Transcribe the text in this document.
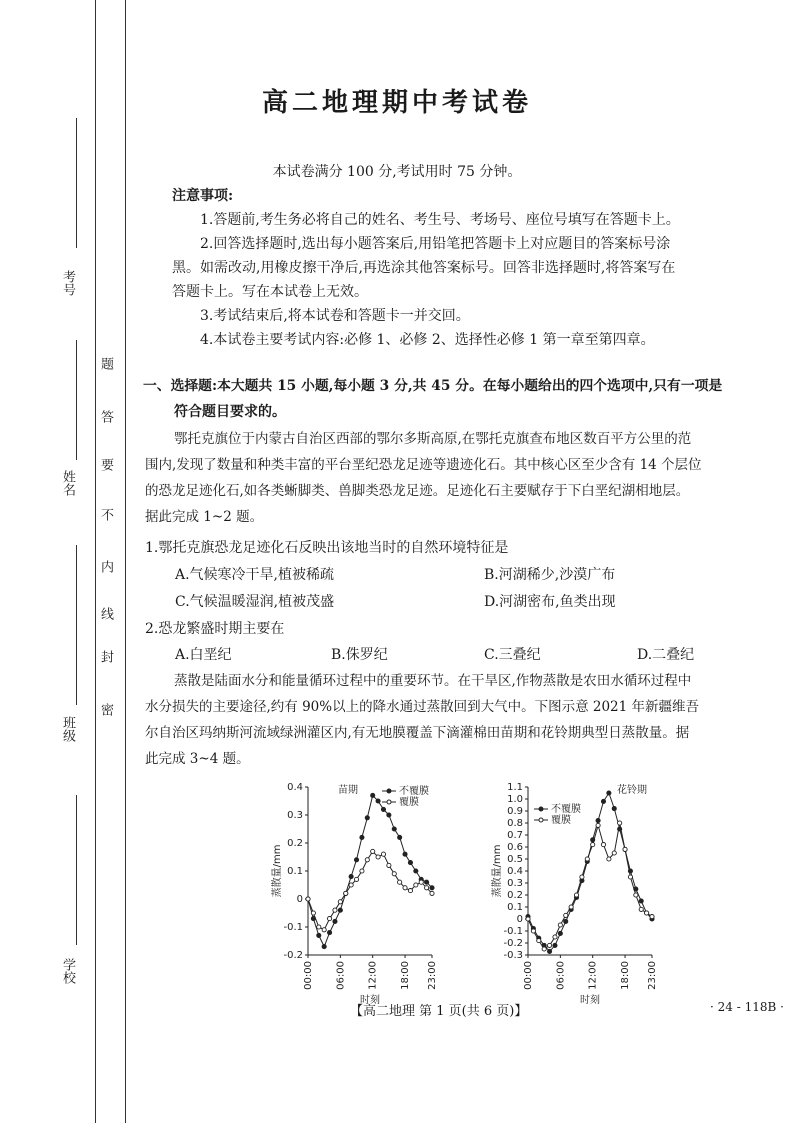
考号
姓名
班级
学校
密
封
线
内
不
要
答
题
高二地理期中考试卷
本试卷满分 100 分,考试用时 75 分钟。
注意事项:
1.答题前,考生务必将自己的姓名、考生号、考场号、座位号填写在答题卡上。
2.回答选择题时,选出每小题答案后,用铅笔把答题卡上对应题目的答案标号涂
黑。如需改动,用橡皮擦干净后,再选涂其他答案标号。回答非选择题时,将答案写在
答题卡上。写在本试卷上无效。
3.考试结束后,将本试卷和答题卡一并交回。
4.本试卷主要考试内容:必修 1、必修 2、选择性必修 1 第一章至第四章。
一、选择题:本大题共 15 小题,每小题 3 分,共 45 分。在每小题给出的四个选项中,只有一项是
符合题目要求的。
鄂托克旗位于内蒙古自治区西部的鄂尔多斯高原,在鄂托克旗查布地区数百平方公里的范
围内,发现了数量和种类丰富的平台垩纪恐龙足迹等遗迹化石。其中核心区至少含有 14 个层位
的恐龙足迹化石,如各类蜥脚类、兽脚类恐龙足迹。足迹化石主要赋存于下白垩纪湖相地层。
据此完成 1~2 题。
1.鄂托克旗恐龙足迹化石反映出该地当时的自然环境特征是
A.气候寒冷干旱,植被稀疏	B.河湖稀少,沙漠广布
C.气候温暖湿润,植被茂盛	D.河湖密布,鱼类出现
2.恐龙繁盛时期主要在
A.白垩纪	B.侏罗纪	C.三叠纪	D.二叠纪
蒸散是陆面水分和能量循环过程中的重要环节。在干旱区,作物蒸散是农田水循环过程中
水分损失的主要途径,约有 90%以上的降水通过蒸散回到大气中。下图示意 2021 年新疆维吾
尔自治区玛纳斯河流域绿洲灌区内,有无地膜覆盖下滴灌棉田苗期和花铃期典型日蒸散量。据
此完成 3~4 题。
-0.2
-0.1
0
0.1
0.2
0.3
0.4
00:00 06:00 12:00 18:00 23:00
时刻
蒸散量/mm
苗期	不覆膜
覆膜
-0.3
-0.2
-0.1
0
0.1
0.2
0.3
0.4
0.5
0.6
0.7
0.8
0.9
1.0
1.1
00:00 06:00 12:00 18:00 23:00
时刻
蒸散量/mm
花铃期
不覆膜
覆膜
【高二地理 第 1 页(共 6 页)】	· 24 - 118B ·
